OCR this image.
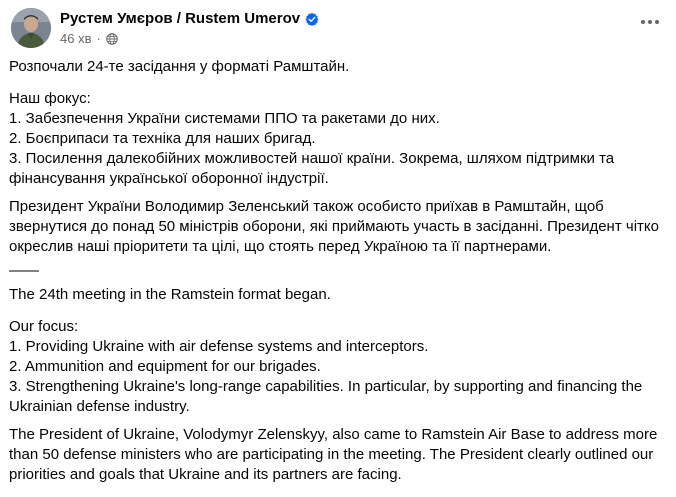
Рустем Умєров / Rustem Umerov
46 хв ·

Розпочали 24-те засідання у форматі Рамштайн.

Наш фокус:
1. Забезпечення України системами ППО та ракетами до них.
2. Боєприпаси та техніка для наших бригад.
3. Посилення далекобійних можливостей нашої країни. Зокрема, шляхом підтримки та фінансування української оборонної індустрії.

Президент України Володимир Зеленський також особисто приїхав в Рамштайн, щоб звернутися до понад 50 міністрів оборони, які приймають участь в засіданні. Президент чітко окреслив наші пріоритети та цілі, що стоять перед Україною та її партнерами.

——

The 24th meeting in the Ramstein format began.

Our focus:
1. Providing Ukraine with air defense systems and interceptors.
2. Ammunition and equipment for our brigades.
3. Strengthening Ukraine's long-range capabilities. In particular, by supporting and financing the Ukrainian defense industry.

The President of Ukraine, Volodymyr Zelenskyy, also came to Ramstein Air Base to address more than 50 defense ministers who are participating in the meeting. The President clearly outlined our priorities and goals that Ukraine and its partners are facing.
